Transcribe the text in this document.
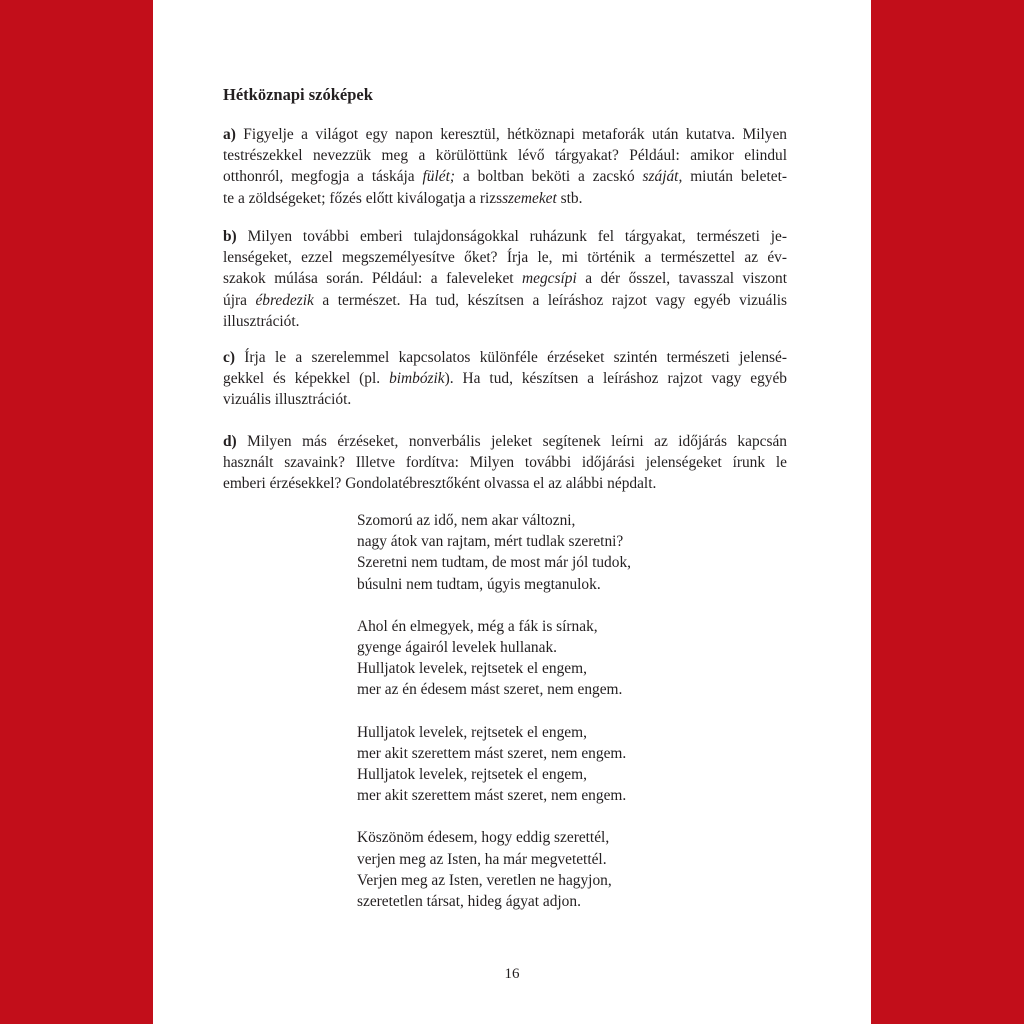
Hétköznapi szóképek
a) Figyelje a világot egy napon keresztül, hétköznapi metaforák után kutatva. Milyen
testrészekkel nevezzük meg a körülöttünk lévő tárgyakat? Például: amikor elindul
otthonról, megfogja a táskája fülét; a boltban beköti a zacskó száját, miután beletet-
te a zöldségeket; főzés előtt kiválogatja a rizsszemeket stb.
b) Milyen további emberi tulajdonságokkal ruházunk fel tárgyakat, természeti je-
lenségeket, ezzel megszemélyesítve őket? Írja le, mi történik a természettel az év-
szakok múlása során. Például: a faleveleket megcsípi a dér ősszel, tavasszal viszont
újra ébredezik a természet. Ha tud, készítsen a leíráshoz rajzot vagy egyéb vizuális
illusztrációt.
c) Írja le a szerelemmel kapcsolatos különféle érzéseket szintén természeti jelensé-
gekkel és képekkel (pl. bimbózik). Ha tud, készítsen a leíráshoz rajzot vagy egyéb
vizuális illusztrációt.
d) Milyen más érzéseket, nonverbális jeleket segítenek leírni az időjárás kapcsán
használt szavaink? Illetve fordítva: Milyen további időjárási jelenségeket írunk le
emberi érzésekkel? Gondolatébresztőként olvassa el az alábbi népdalt.
Szomorú az idő, nem akar változni,
nagy átok van rajtam, mért tudlak szeretni?
Szeretni nem tudtam, de most már jól tudok,
búsulni nem tudtam, úgyis megtanulok.
Ahol én elmegyek, még a fák is sírnak,
gyenge ágairól levelek hullanak.
Hulljatok levelek, rejtsetek el engem,
mer az én édesem mást szeret, nem engem.
Hulljatok levelek, rejtsetek el engem,
mer akit szerettem mást szeret, nem engem.
Hulljatok levelek, rejtsetek el engem,
mer akit szerettem mást szeret, nem engem.
Köszönöm édesem, hogy eddig szerettél,
verjen meg az Isten, ha már megvetettél.
Verjen meg az Isten, veretlen ne hagyjon,
szeretetlen társat, hideg ágyat adjon.
16
